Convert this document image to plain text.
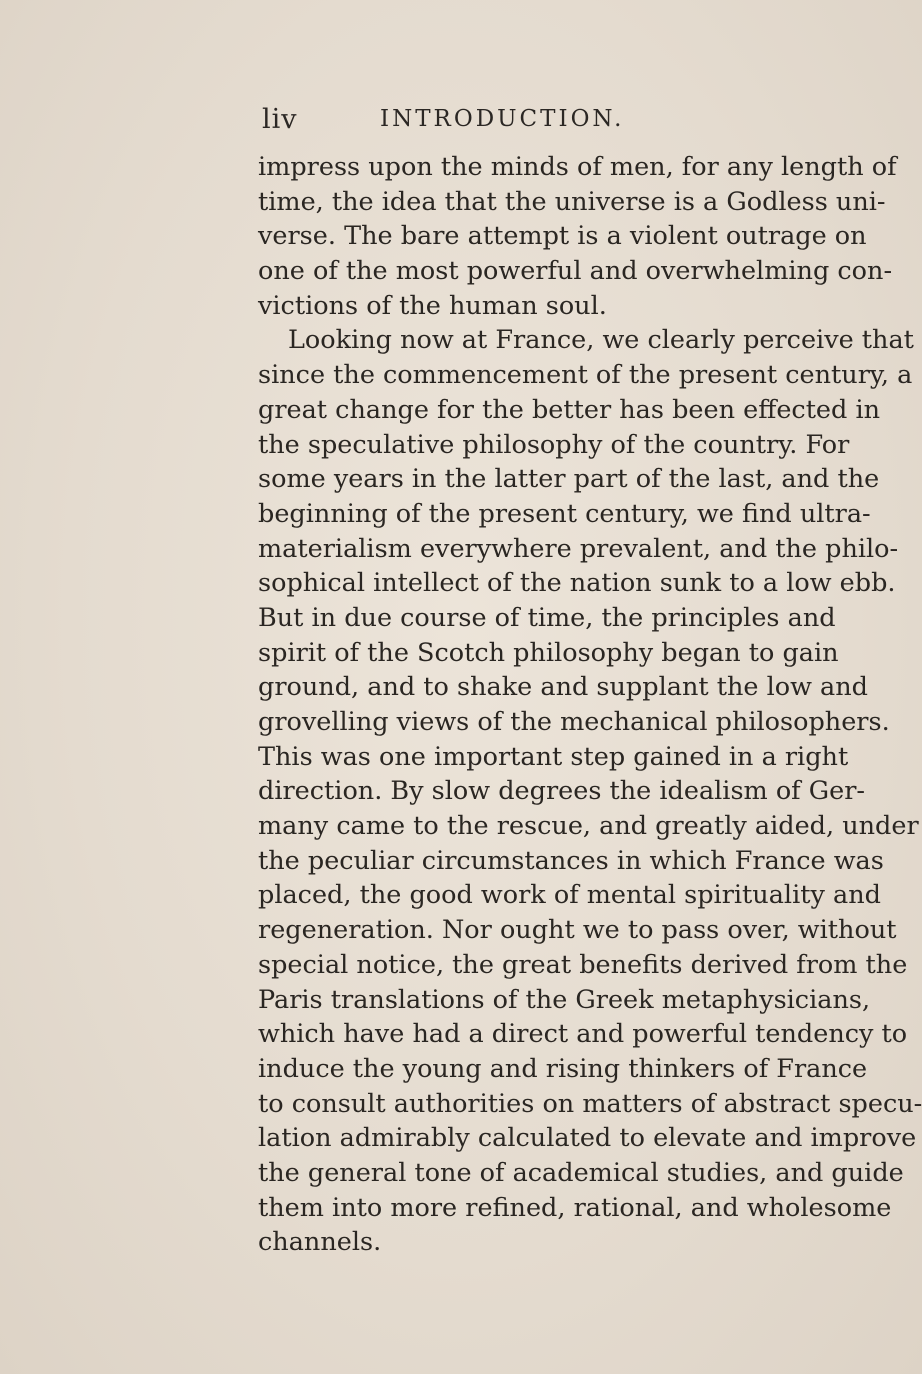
liv	INTRODUCTION.
impress upon the minds of men, for any length of
time, the idea that the universe is a Godless uni-
verse. The bare attempt is a violent outrage on
one of the most powerful and overwhelming con-
victions of the human soul.
Looking now at France, we clearly perceive that
since the commencement of the present century, a
great change for the better has been effected in
the speculative philosophy of the country. For
some years in the latter part of the last, and the
beginning of the present century, we find ultra-
materialism everywhere prevalent, and the philo-
sophical intellect of the nation sunk to a low ebb.
But in due course of time, the principles and
spirit of the Scotch philosophy began to gain
ground, and to shake and supplant the low and
grovelling views of the mechanical philosophers.
This was one important step gained in a right
direction. By slow degrees the idealism of Ger-
many came to the rescue, and greatly aided, under
the peculiar circumstances in which France was
placed, the good work of mental spirituality and
regeneration. Nor ought we to pass over, without
special notice, the great benefits derived from the
Paris translations of the Greek metaphysicians,
which have had a direct and powerful tendency to
induce the young and rising thinkers of France
to consult authorities on matters of abstract specu-
lation admirably calculated to elevate and improve
the general tone of academical studies, and guide
them into more refined, rational, and wholesome
channels.
